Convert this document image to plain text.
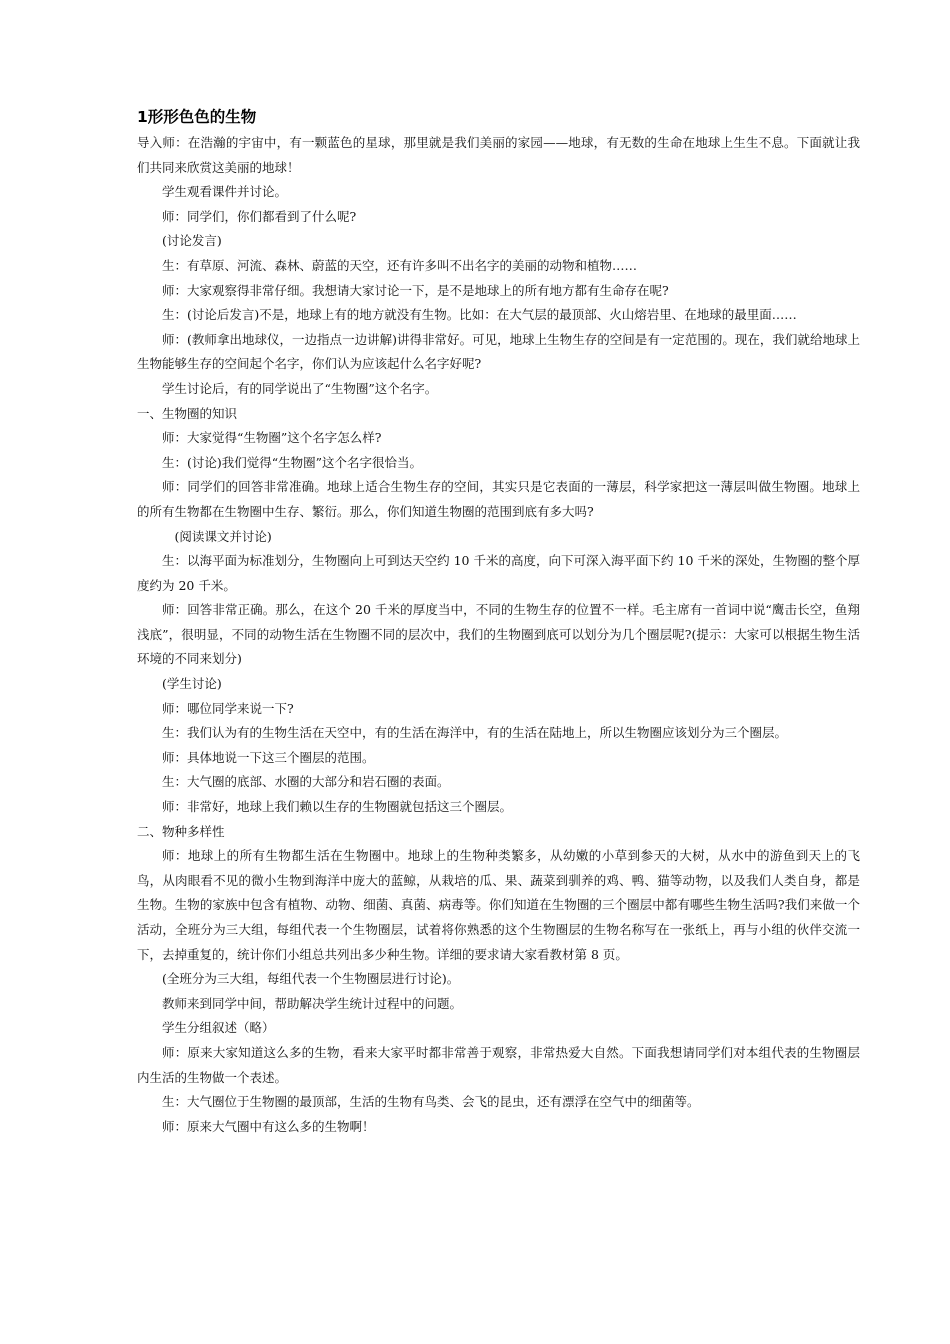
1形形色色的生物

导入师：在浩瀚的宇宙中，有一颗蓝色的星球，那里就是我们美丽的家园——地球，有无数的生命在地球上生生不息。下面就让我们共同来欣赏这美丽的地球！

学生观看课件并讨论。

师：同学们，你们都看到了什么呢?

(讨论发言)

生：有草原、河流、森林、蔚蓝的天空，还有许多叫不出名字的美丽的动物和植物……

师：大家观察得非常仔细。我想请大家讨论一下，是不是地球上的所有地方都有生命存在呢?

生：(讨论后发言)不是，地球上有的地方就没有生物。比如：在大气层的最顶部、火山熔岩里、在地球的最里面……

师：(教师拿出地球仪，一边指点一边讲解)讲得非常好。可见，地球上生物生存的空间是有一定范围的。现在，我们就给地球上生物能够生存的空间起个名字，你们认为应该起什么名字好呢?

学生讨论后，有的同学说出了“生物圈”这个名字。

一、生物圈的知识

师：大家觉得“生物圈”这个名字怎么样?

生：(讨论)我们觉得“生物圈”这个名字很恰当。

师：同学们的回答非常准确。地球上适合生物生存的空间，其实只是它表面的一薄层，科学家把这一薄层叫做生物圈。地球上的所有生物都在生物圈中生存、繁衍。那么，你们知道生物圈的范围到底有多大吗?

(阅读课文并讨论)

生：以海平面为标准划分，生物圈向上可到达天空约 10 千米的高度，向下可深入海平面下约 10 千米的深处，生物圈的整个厚度约为 20 千米。

师：回答非常正确。那么，在这个 20 千米的厚度当中，不同的生物生存的位置不一样。毛主席有一首词中说“鹰击长空，鱼翔浅底”，很明显，不同的动物生活在生物圈不同的层次中，我们的生物圈到底可以划分为几个圈层呢?(提示：大家可以根据生物生活环境的不同来划分)

(学生讨论)

师：哪位同学来说一下?

生：我们认为有的生物生活在天空中，有的生活在海洋中，有的生活在陆地上，所以生物圈应该划分为三个圈层。

师：具体地说一下这三个圈层的范围。

生：大气圈的底部、水圈的大部分和岩石圈的表面。

师：非常好，地球上我们赖以生存的生物圈就包括这三个圈层。

二、物种多样性

师：地球上的所有生物都生活在生物圈中。地球上的生物种类繁多，从幼嫩的小草到参天的大树，从水中的游鱼到天上的飞鸟，从肉眼看不见的微小生物到海洋中庞大的蓝鲸，从栽培的瓜、果、蔬菜到驯养的鸡、鸭、猫等动物，以及我们人类自身，都是生物。生物的家族中包含有植物、动物、细菌、真菌、病毒等。你们知道在生物圈的三个圈层中都有哪些生物生活吗?我们来做一个活动，全班分为三大组，每组代表一个生物圈层，试着将你熟悉的这个生物圈层的生物名称写在一张纸上，再与小组的伙伴交流一下，去掉重复的，统计你们小组总共列出多少种生物。详细的要求请大家看教材第 8 页。

(全班分为三大组，每组代表一个生物圈层进行讨论)。

教师来到同学中间，帮助解决学生统计过程中的问题。

学生分组叙述（略）

师：原来大家知道这么多的生物，看来大家平时都非常善于观察，非常热爱大自然。下面我想请同学们对本组代表的生物圈层内生活的生物做一个表述。

生：大气圈位于生物圈的最顶部，生活的生物有鸟类、会飞的昆虫，还有漂浮在空气中的细菌等。

师：原来大气圈中有这么多的生物啊！
